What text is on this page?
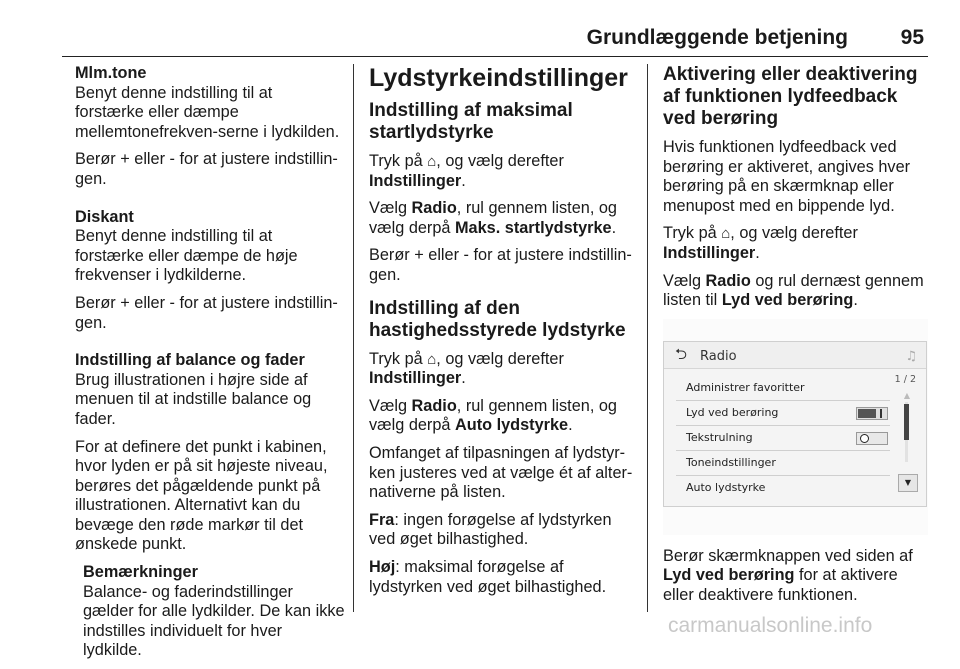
Grundlæggende betjening	95

Mlm.tone

Benyt denne indstilling til at forstærke eller dæmpe mellemtonefrekven-serne i lydkilden.

Berør + eller - for at justere indstillin-gen.

Diskant

Benyt denne indstilling til at forstærke eller dæmpe de høje frekvenser i lydkilderne.

Berør + eller - for at justere indstillin-gen.

Indstilling af balance og fader

Brug illustrationen i højre side af menuen til at indstille balance og fader.

For at definere det punkt i kabinen, hvor lyden er på sit højeste niveau, berøres det pågældende punkt på illustrationen. Alternativt kan du bevæge den røde markør til det ønskede punkt.

Bemærkninger

Balance- og faderindstillinger gælder for alle lydkilder. De kan ikke indstilles individuelt for hver lydkilde.

Lydstyrkeindstillinger
Indstilling af maksimal startlydstyrke

Tryk på ⌂, og vælg derefter
Indstillinger.

Vælg Radio, rul gennem listen, og vælg derpå Maks. startlydstyrke.

Berør + eller - for at justere indstillin-gen.

Indstilling af den hastighedsstyrede lydstyrke

Tryk på ⌂, og vælg derefter
Indstillinger.

Vælg Radio, rul gennem listen, og vælg derpå Auto lydstyrke.

Omfanget af tilpasningen af lydstyr-ken justeres ved at vælge ét af alter-nativerne på listen.

Fra: ingen forøgelse af lydstyrken ved øget bilhastighed.

Høj: maksimal forøgelse af lydstyrken ved øget bilhastighed.

Aktivering eller deaktivering af funktionen lydfeedback ved berøring

Hvis funktionen lydfeedback ved berøring er aktiveret, angives hver berøring på en skærmknap eller menupost med en bippende lyd.

Tryk på ⌂, og vælg derefter
Indstillinger.

Vælg Radio og rul dernæst gennem listen til Lyd ved berøring.

⮌ Radio	♫
1 / 2
Administrer favoritter
Lyd ved berøring
Tekstrulning
Toneindstillinger
Auto lydstyrke
▲
▼

Berør skærmknappen ved siden af
Lyd ved berøring for at aktivere eller deaktivere funktionen.

carmanualsonline.info
